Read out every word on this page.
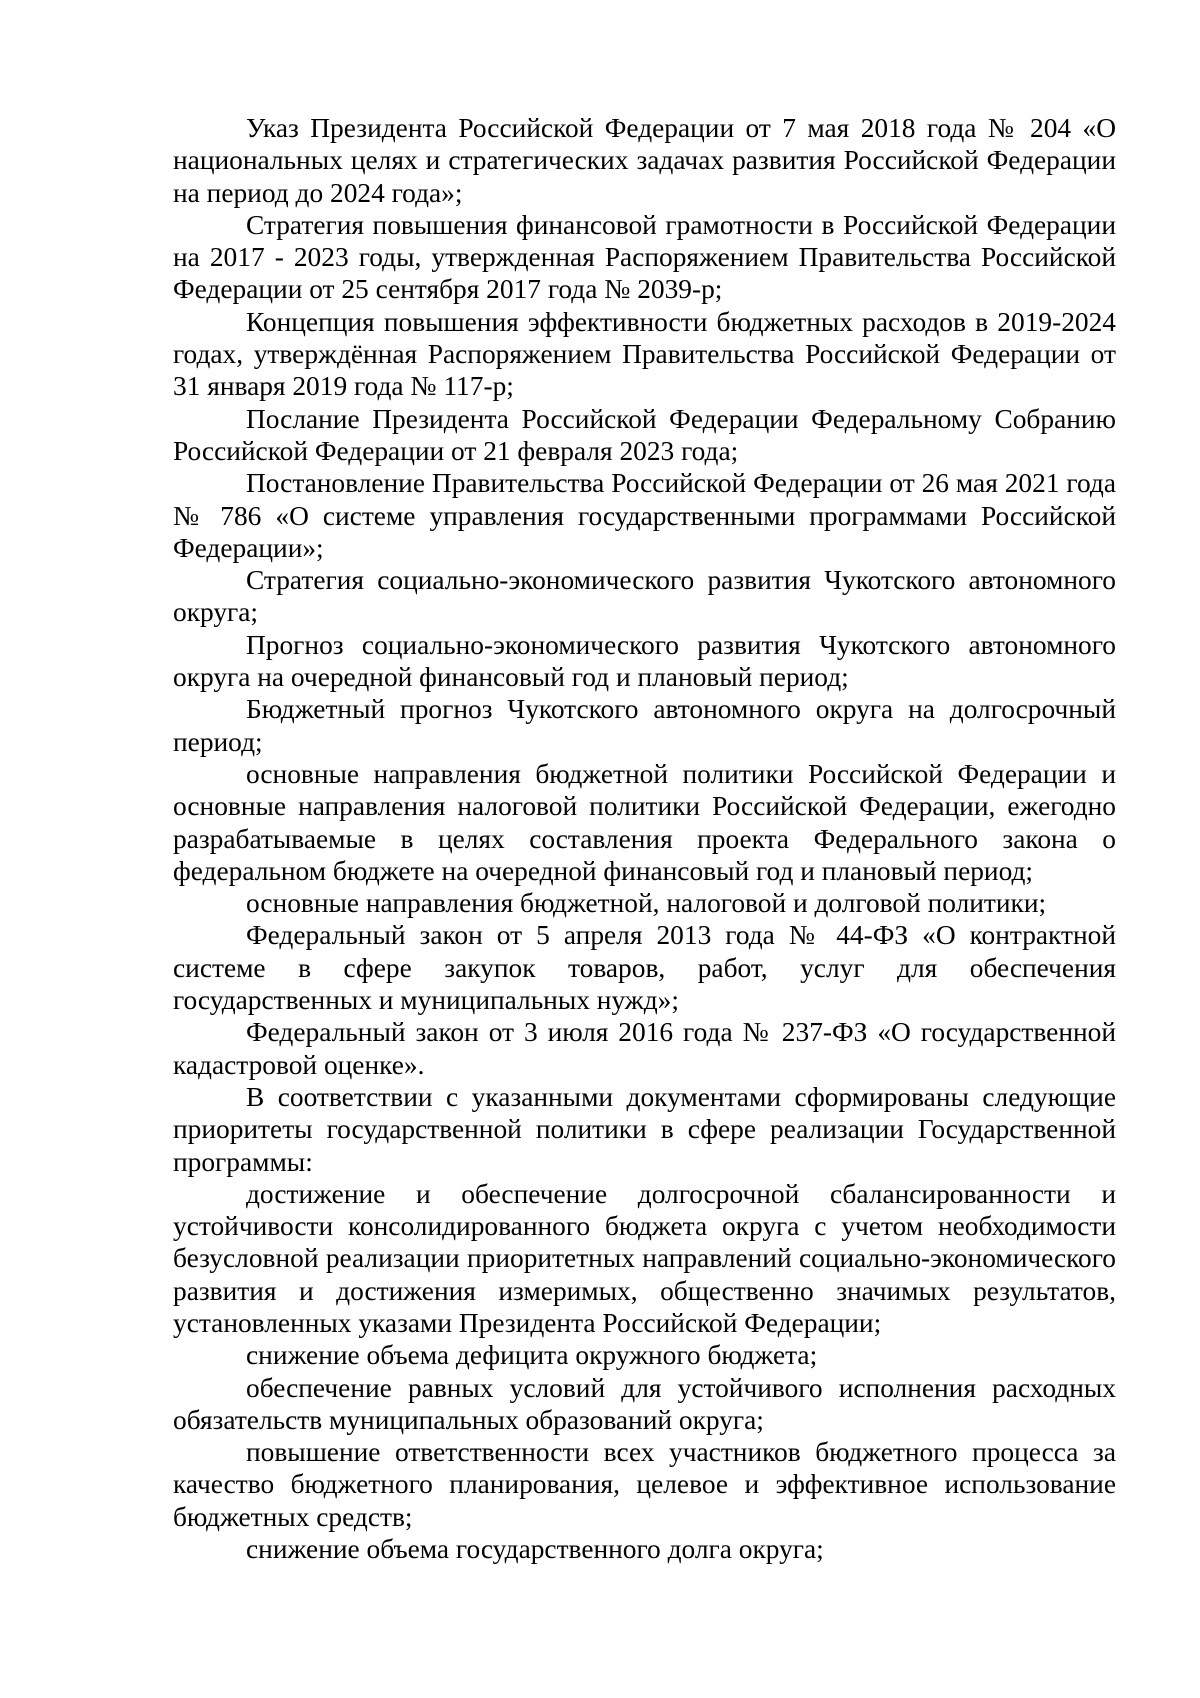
Указ Президента Российской Федерации от 7 мая 2018 года № 204 «О национальных целях и стратегических задачах развития Российской Федерации на период до 2024 года»;

Стратегия повышения финансовой грамотности в Российской Федерации на 2017 - 2023 годы, утвержденная Распоряжением Правительства Российской Федерации от 25 сентября 2017 года № 2039-р;

Концепция повышения эффективности бюджетных расходов в 2019-2024 годах, утверждённая Распоряжением Правительства Российской Федерации от 31 января 2019 года № 117-р;

Послание Президента Российской Федерации Федеральному Собранию Российской Федерации от 21 февраля 2023 года;

Постановление Правительства Российской Федерации от 26 мая 2021 года № 786 «О системе управления государственными программами Российской Федерации»;

Стратегия социально-экономического развития Чукотского автономного округа;

Прогноз социально-экономического развития Чукотского автономного округа на очередной финансовый год и плановый период;

Бюджетный прогноз Чукотского автономного округа на долгосрочный период;

основные направления бюджетной политики Российской Федерации и основные направления налоговой политики Российской Федерации, ежегодно разрабатываемые в целях составления проекта Федерального закона о федеральном бюджете на очередной финансовый год и плановый период;

основные направления бюджетной, налоговой и долговой политики;

Федеральный закон от 5 апреля 2013 года № 44-ФЗ «О контрактной системе в сфере закупок товаров, работ, услуг для обеспечения государственных и муниципальных нужд»;

Федеральный закон от 3 июля 2016 года № 237-ФЗ «О государственной кадастровой оценке».

В соответствии с указанными документами сформированы следующие приоритеты государственной политики в сфере реализации Государственной программы:

достижение и обеспечение долгосрочной сбалансированности и устойчивости консолидированного бюджета округа с учетом необходимости безусловной реализации приоритетных направлений социально-экономического развития и достижения измеримых, общественно значимых результатов, установленных указами Президента Российской Федерации;

снижение объема дефицита окружного бюджета;

обеспечение равных условий для устойчивого исполнения расходных обязательств муниципальных образований округа;

повышение ответственности всех участников бюджетного процесса за качество бюджетного планирования, целевое и эффективное использование бюджетных средств;

снижение объема государственного долга округа;
